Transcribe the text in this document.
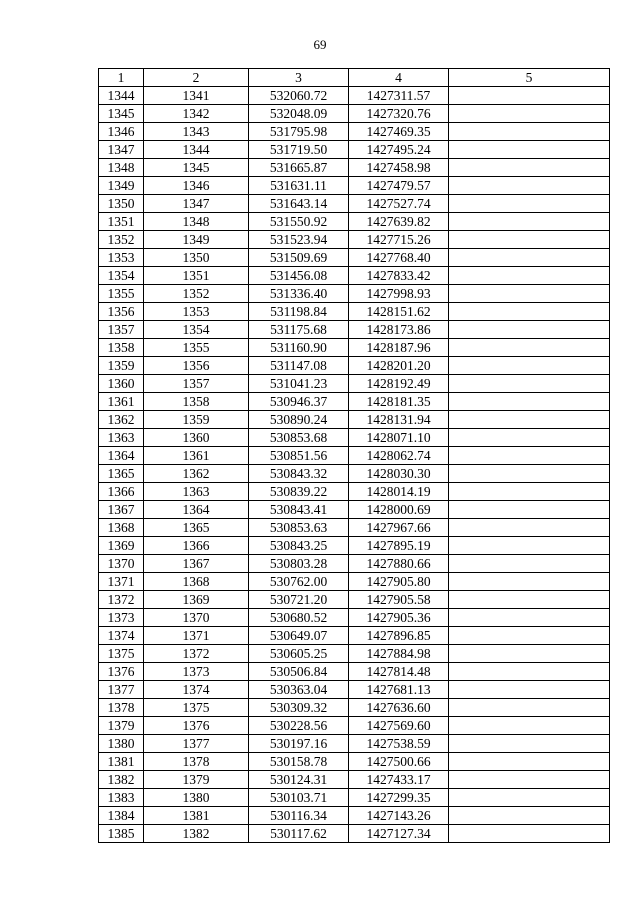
69
1	2	3	4	5
1344	1341	532060.72	1427311.57	
1345	1342	532048.09	1427320.76	
1346	1343	531795.98	1427469.35	
1347	1344	531719.50	1427495.24	
1348	1345	531665.87	1427458.98	
1349	1346	531631.11	1427479.57	
1350	1347	531643.14	1427527.74	
1351	1348	531550.92	1427639.82	
1352	1349	531523.94	1427715.26	
1353	1350	531509.69	1427768.40	
1354	1351	531456.08	1427833.42	
1355	1352	531336.40	1427998.93	
1356	1353	531198.84	1428151.62	
1357	1354	531175.68	1428173.86	
1358	1355	531160.90	1428187.96	
1359	1356	531147.08	1428201.20	
1360	1357	531041.23	1428192.49	
1361	1358	530946.37	1428181.35	
1362	1359	530890.24	1428131.94	
1363	1360	530853.68	1428071.10	
1364	1361	530851.56	1428062.74	
1365	1362	530843.32	1428030.30	
1366	1363	530839.22	1428014.19	
1367	1364	530843.41	1428000.69	
1368	1365	530853.63	1427967.66	
1369	1366	530843.25	1427895.19	
1370	1367	530803.28	1427880.66	
1371	1368	530762.00	1427905.80	
1372	1369	530721.20	1427905.58	
1373	1370	530680.52	1427905.36	
1374	1371	530649.07	1427896.85	
1375	1372	530605.25	1427884.98	
1376	1373	530506.84	1427814.48	
1377	1374	530363.04	1427681.13	
1378	1375	530309.32	1427636.60	
1379	1376	530228.56	1427569.60	
1380	1377	530197.16	1427538.59	
1381	1378	530158.78	1427500.66	
1382	1379	530124.31	1427433.17	
1383	1380	530103.71	1427299.35	
1384	1381	530116.34	1427143.26	
1385	1382	530117.62	1427127.34	
